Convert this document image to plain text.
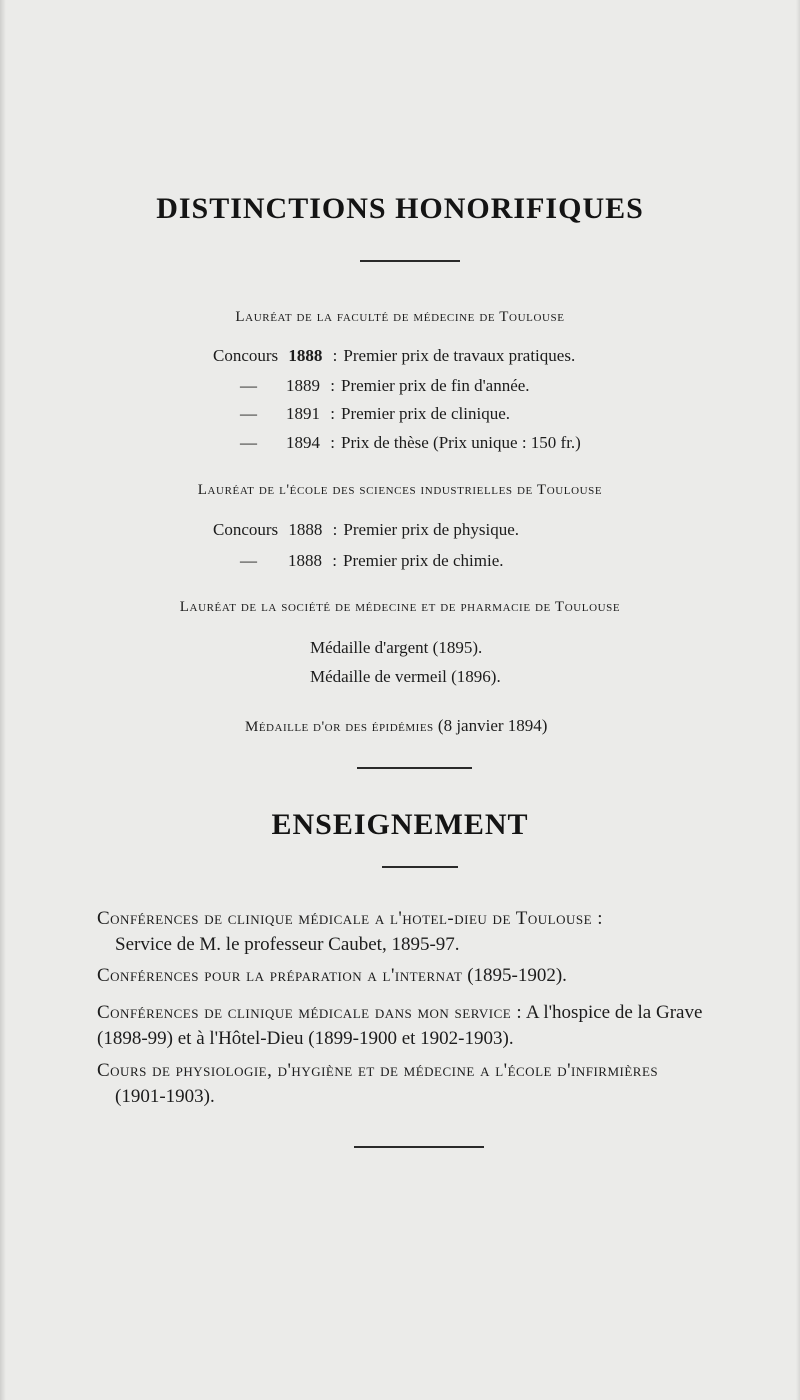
DISTINCTIONS HONORIFIQUES
Lauréat de la faculté de médecine de Toulouse
Concours 1888 : Premier prix de travaux pratiques.
— 1889 : Premier prix de fin d'année.
— 1891 : Premier prix de clinique.
— 1894 : Prix de thèse (Prix unique : 150 fr.)
Lauréat de l'école des sciences industrielles de Toulouse
Concours 1888 : Premier prix de physique.
— 1888 : Premier prix de chimie.
Lauréat de la société de médecine et de pharmacie de Toulouse
Médaille d'argent (1895).
Médaille de vermeil (1896).
Médaille d'or des épidémies (8 janvier 1894)
ENSEIGNEMENT

Conférences de clinique médicale a l'hotel-dieu de Toulouse :
Service de M. le professeur Caubet, 1895-97.

Conférences pour la préparation a l'internat (1895-1902).

Conférences de clinique médicale dans mon service : A l'hospice de la Grave (1898-99) et à l'Hôtel-Dieu (1899-1900 et 1902-1903).

Cours de physiologie, d'hygiène et de médecine a l'école d'infirmières
(1901-1903).
